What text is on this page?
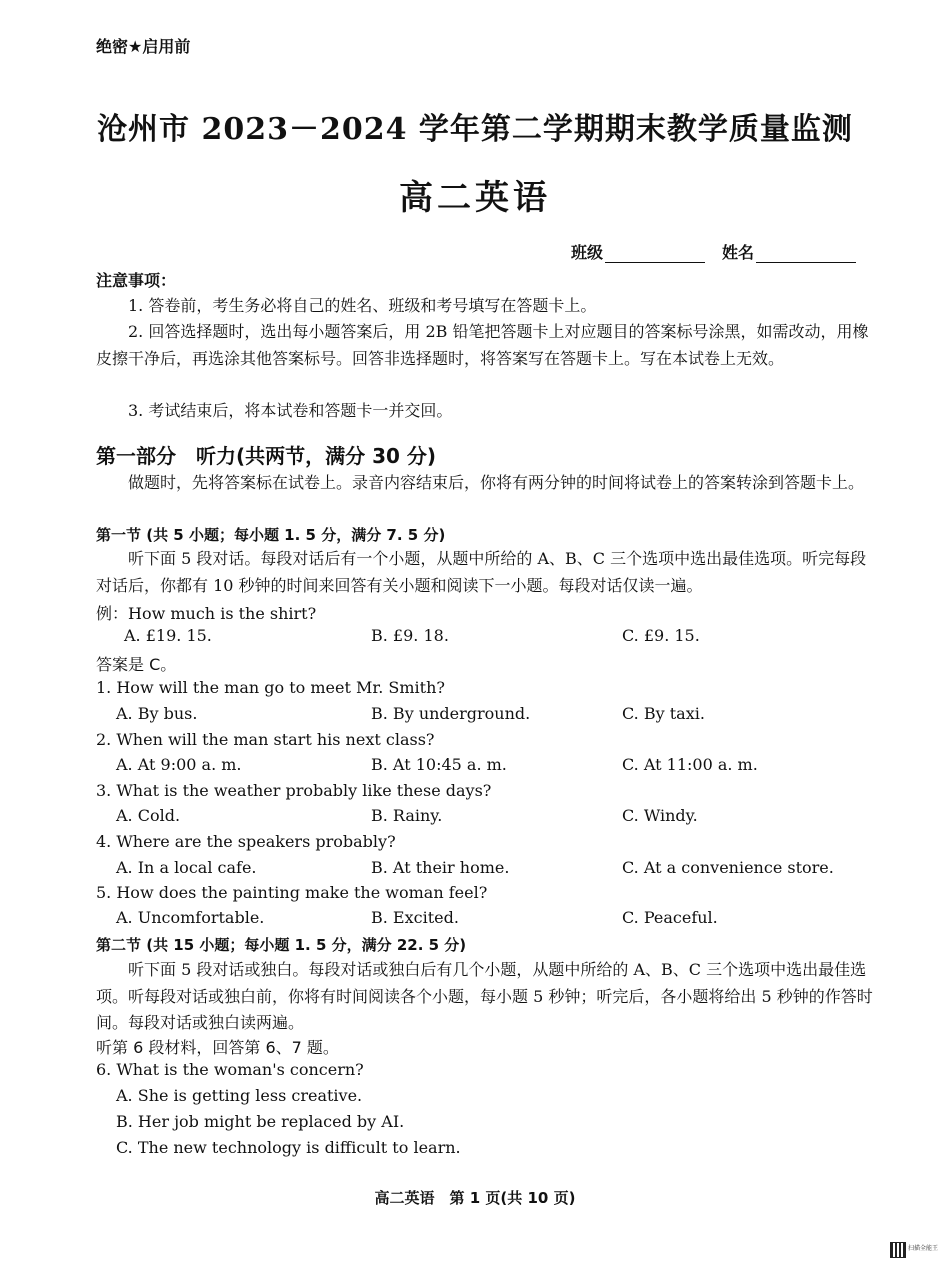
绝密★启用前
沧州市 2023－2024 学年第二学期期末教学质量监测
高二英语
班级	姓名
注意事项：
1. 答卷前，考生务必将自己的姓名、班级和考号填写在答题卡上。
2. 回答选择题时，选出每小题答案后，用 2B 铅笔把答题卡上对应题目的答案标号涂黑，如需改动，用橡皮擦干净后，再选涂其他答案标号。回答非选择题时，将答案写在答题卡上。写在本试卷上无效。
3. 考试结束后，将本试卷和答题卡一并交回。
第一部分　听力(共两节，满分 30 分)
做题时，先将答案标在试卷上。录音内容结束后，你将有两分钟的时间将试卷上的答案转涂到答题卡上。
第一节 (共 5 小题；每小题 1. 5 分，满分 7. 5 分)
听下面 5 段对话。每段对话后有一个小题，从题中所给的 A、B、C 三个选项中选出最佳选项。听完每段对话后，你都有 10 秒钟的时间来回答有关小题和阅读下一小题。每段对话仅读一遍。
例：How much is the shirt?
A. £19. 15.	B. £9. 18.	C. £9. 15.
答案是 C。
1. How will the man go to meet Mr. Smith?
A. By bus.	B. By underground.	C. By taxi.
2. When will the man start his next class?
A. At 9:00 a. m.	B. At 10:45 a. m.	C. At 11:00 a. m.
3. What is the weather probably like these days?
A. Cold.	B. Rainy.	C. Windy.
4. Where are the speakers probably?
A. In a local cafe.	B. At their home.	C. At a convenience store.
5. How does the painting make the woman feel?
A. Uncomfortable.	B. Excited.	C. Peaceful.
第二节 (共 15 小题；每小题 1. 5 分，满分 22. 5 分)
听下面 5 段对话或独白。每段对话或独白后有几个小题，从题中所给的 A、B、C 三个选项中选出最佳选项。听每段对话或独白前，你将有时间阅读各个小题，每小题 5 秒钟；听完后，各小题将给出 5 秒钟的作答时间。每段对话或独白读两遍。
听第 6 段材料，回答第 6、7 题。
6. What is the woman's concern?
A. She is getting less creative.
B. Her job might be replaced by AI.
C. The new technology is difficult to learn.
高二英语　第 1 页(共 10 页)
扫描全能王
